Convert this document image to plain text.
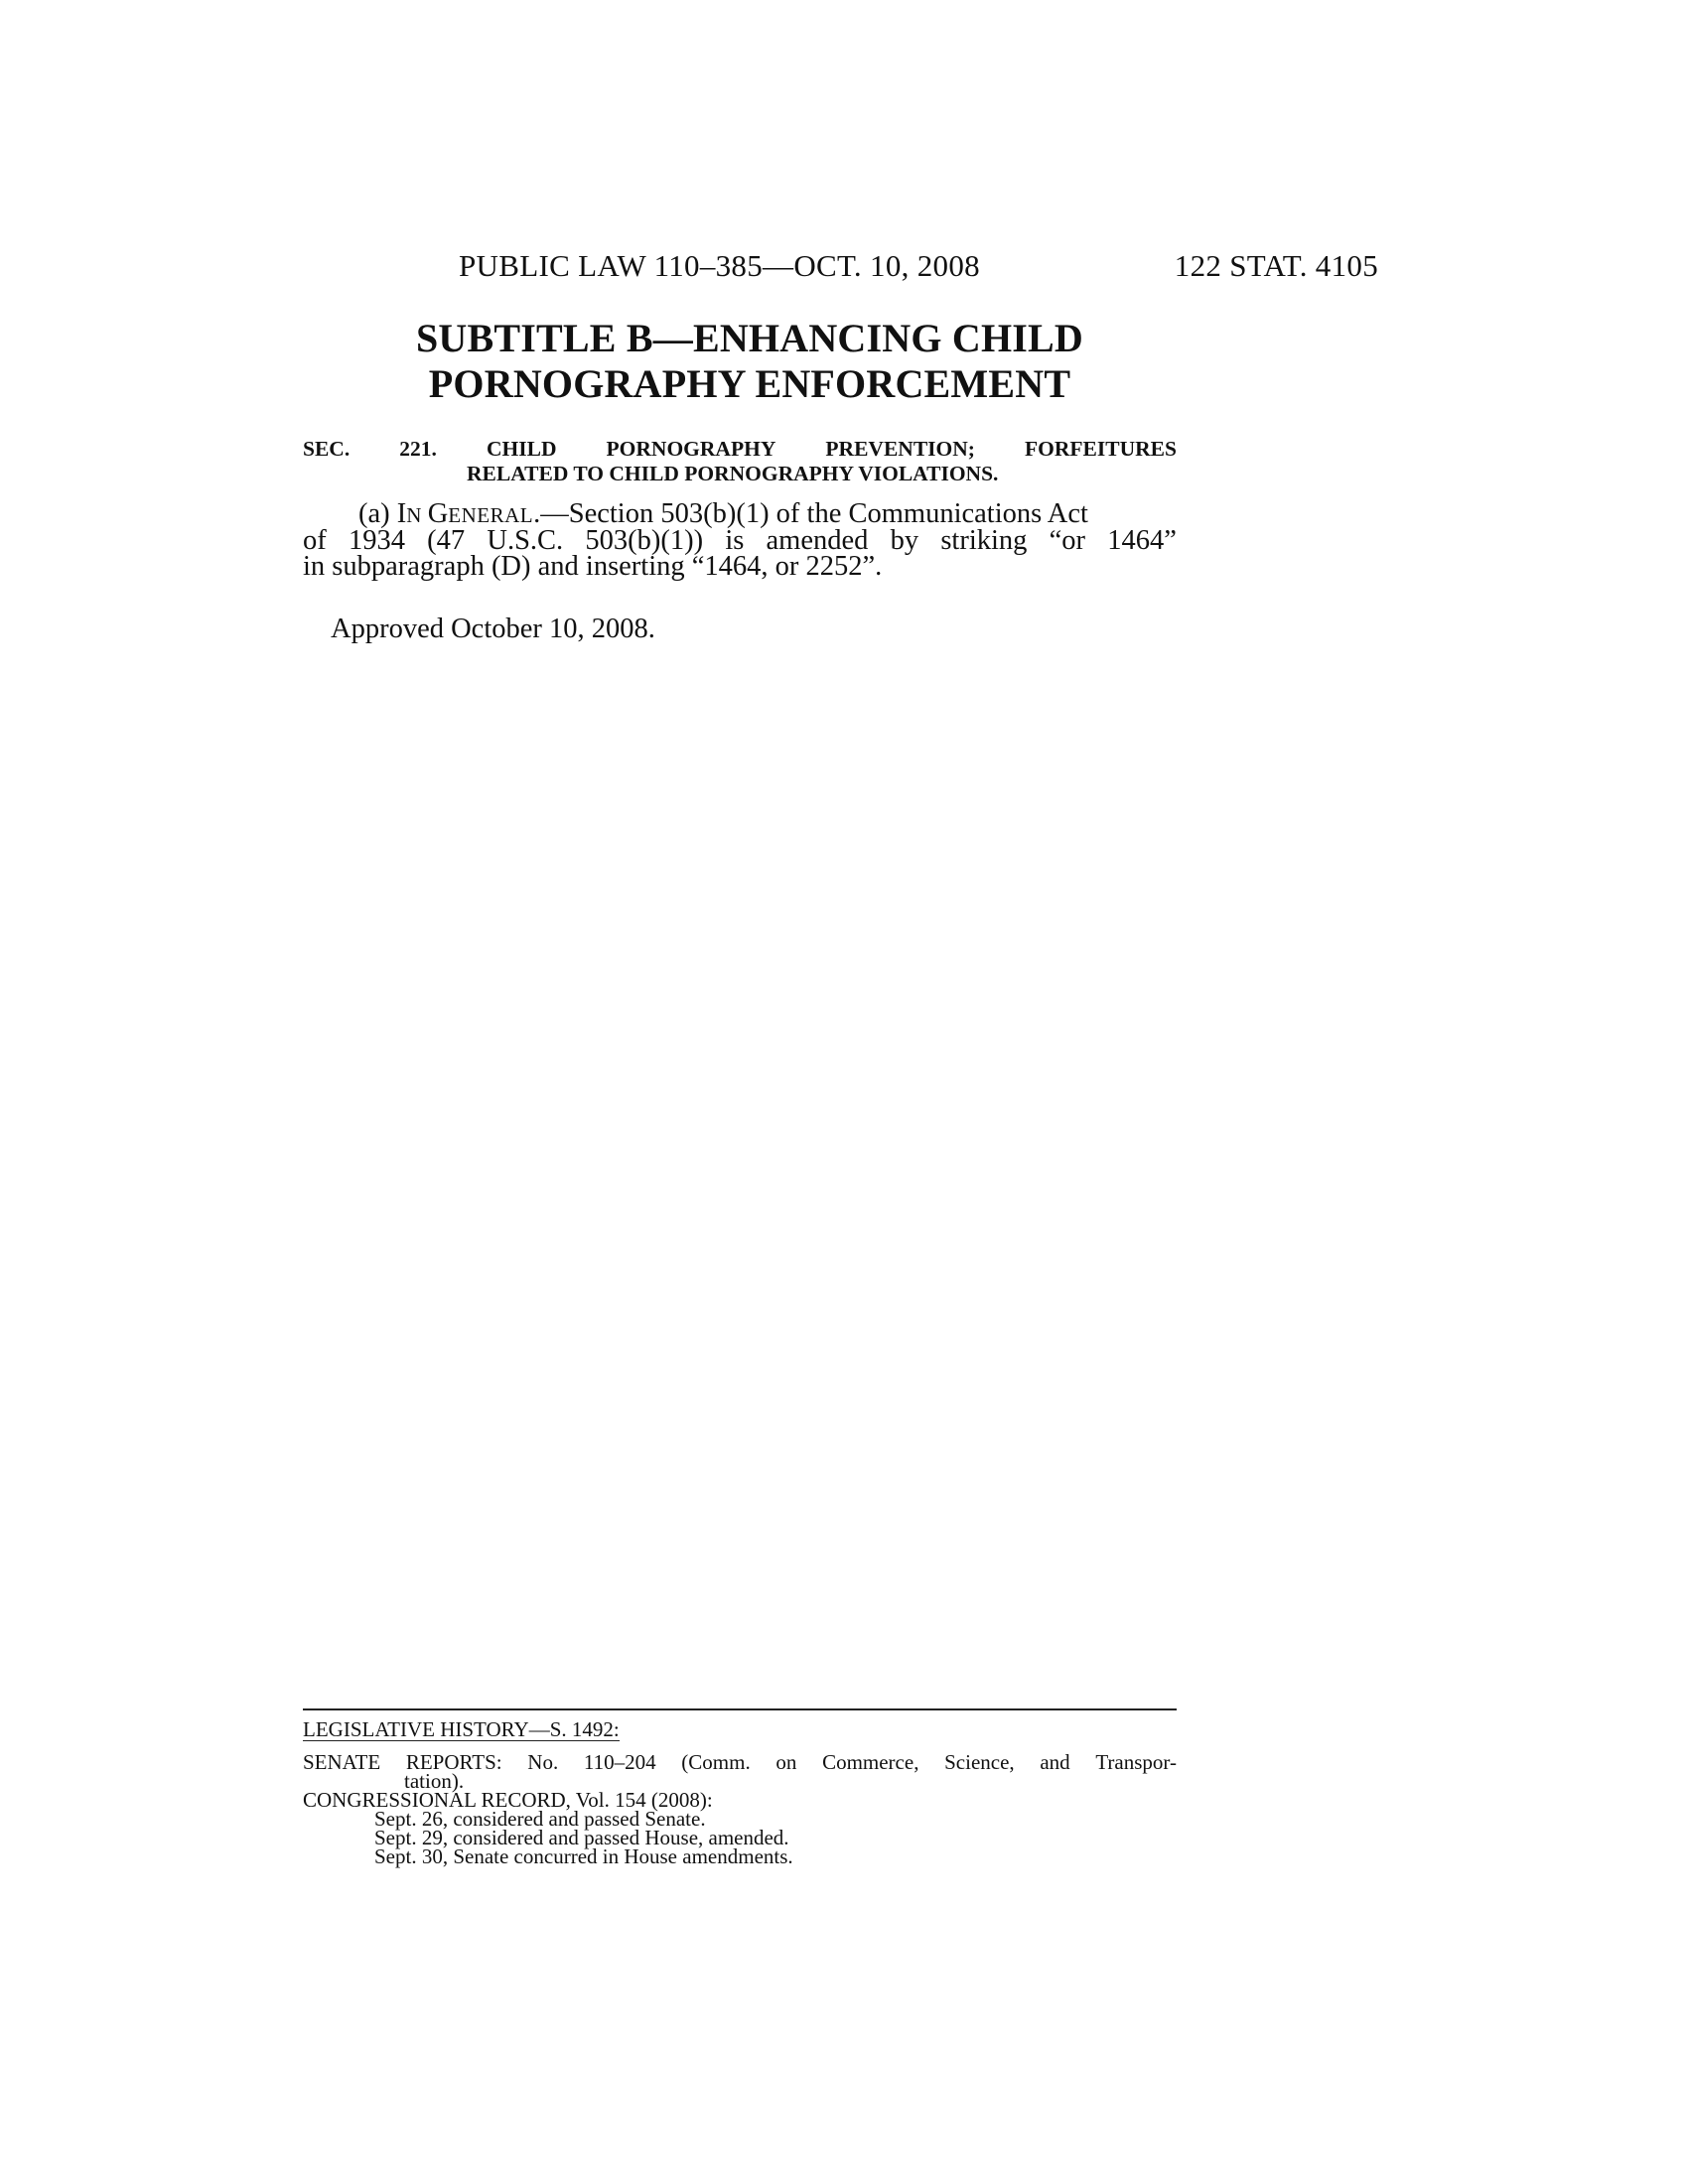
PUBLIC LAW 110–385—OCT. 10, 2008	122 STAT. 4105
SUBTITLE B—ENHANCING CHILD
PORNOGRAPHY ENFORCEMENT
SEC. 221. CHILD PORNOGRAPHY PREVENTION; FORFEITURES
RELATED TO CHILD PORNOGRAPHY VIOLATIONS.
(a) IN GENERAL.—Section 503(b)(1) of the Communications Act
of 1934 (47 U.S.C. 503(b)(1)) is amended by striking “or 1464”
in subparagraph (D) and inserting “1464, or 2252”.
Approved October 10, 2008.
LEGISLATIVE HISTORY—S. 1492:
SENATE REPORTS: No. 110–204 (Comm. on Commerce, Science, and Transpor-
tation).
CONGRESSIONAL RECORD, Vol. 154 (2008):
Sept. 26, considered and passed Senate.
Sept. 29, considered and passed House, amended.
Sept. 30, Senate concurred in House amendments.
